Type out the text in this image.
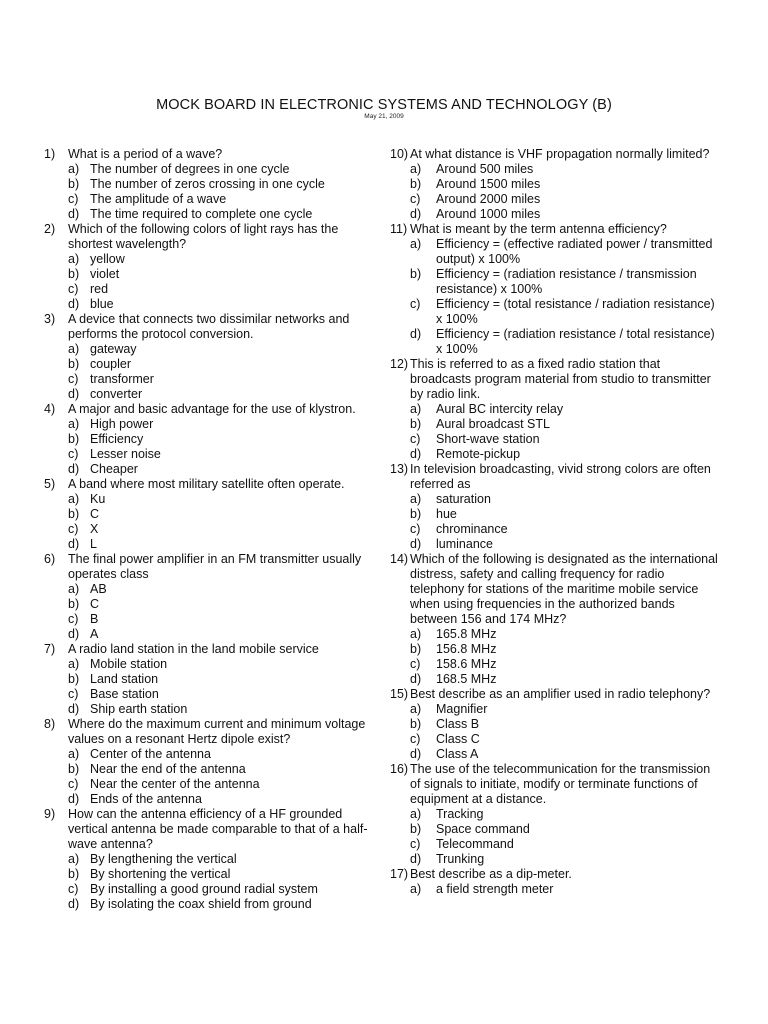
MOCK BOARD IN ELECTRONIC SYSTEMS AND TECHNOLOGY (B)
May 21, 2009
1) What is a period of a wave?
a) The number of degrees in one cycle
b) The number of zeros crossing in one cycle
c) The amplitude of a wave
d) The time required to complete one cycle
2) Which of the following colors of light rays has the shortest wavelength?
a) yellow
b) violet
c) red
d) blue
3) A device that connects two dissimilar networks and performs the protocol conversion.
a) gateway
b) coupler
c) transformer
d) converter
4) A major and basic advantage for the use of klystron.
a) High power
b) Efficiency
c) Lesser noise
d) Cheaper
5) A band where most military satellite often operate.
a) Ku
b) C
c) X
d) L
6) The final power amplifier in an FM transmitter usually operates class
a) AB
b) C
c) B
d) A
7) A radio land station in the land mobile service
a) Mobile station
b) Land station
c) Base station
d) Ship earth station
8) Where do the maximum current and minimum voltage values on a resonant Hertz dipole exist?
a) Center of the antenna
b) Near the end of the antenna
c) Near the center of the antenna
d) Ends of the antenna
9) How can the antenna efficiency of a HF grounded vertical antenna be made comparable to that of a half-wave antenna?
a) By lengthening the vertical
b) By shortening the vertical
c) By installing a good ground radial system
d) By isolating the coax shield from ground
10) At what distance is VHF propagation normally limited?
a) Around 500 miles
b) Around 1500 miles
c) Around 2000 miles
d) Around 1000 miles
11) What is meant by the term antenna efficiency?
a) Efficiency = (effective radiated power / transmitted output) x 100%
b) Efficiency = (radiation resistance / transmission resistance) x 100%
c) Efficiency = (total resistance / radiation resistance) x 100%
d) Efficiency = (radiation resistance / total resistance) x 100%
12) This is referred to as a fixed radio station that broadcasts program material from studio to transmitter by radio link.
a) Aural BC intercity relay
b) Aural broadcast STL
c) Short-wave station
d) Remote-pickup
13) In television broadcasting, vivid strong colors are often referred as
a) saturation
b) hue
c) chrominance
d) luminance
14) Which of the following is designated as the international distress, safety and calling frequency for radio telephony for stations of the maritime mobile service when using frequencies in the authorized bands between 156 and 174 MHz?
a) 165.8 MHz
b) 156.8 MHz
c) 158.6 MHz
d) 168.5 MHz
15) Best describe as an amplifier used in radio telephony?
a) Magnifier
b) Class B
c) Class C
d) Class A
16) The use of the telecommunication for the transmission of signals to initiate, modify or terminate functions of equipment at a distance.
a) Tracking
b) Space command
c) Telecommand
d) Trunking
17) Best describe as a dip-meter.
a) a field strength meter
